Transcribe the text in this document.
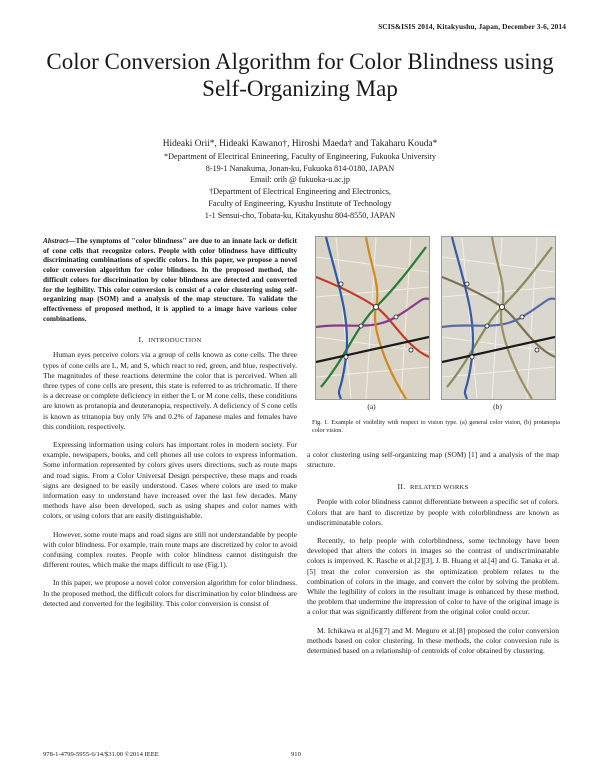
SCIS&ISIS 2014, Kitakyushu, Japan, December 3-6, 2014
Color Conversion Algorithm for Color Blindness using Self-Organizing Map
Hideaki Orii*, Hideaki Kawano†, Hiroshi Maeda† and Takaharu Kouda*
*Department of Electrical Enineering, Faculty of Engineering, Fukuoka University
8-19-1 Nanakuma, Jonan-ku, Fukuoka 814-0180, JAPAN
Email: orih @ fukuoka-u.ac.jp
†Department of Electrical Engineering and Electronics,
Faculty of Engineering, Kyushu Institute of Technology
1-1 Sensui-cho, Tobata-ku, Kitakyushu 804-8550, JAPAN

Abstract—The symptoms of "color blindness" are due to an innate lack or deficit of cone cells that recognize colors. People with color blindness have difficulty discriminating combinations of specific colors. In this paper, we propose a novel color conversion algorithm for color blindness. In the proposed method, the difficult colors for discrimination by color blindness are detected and converted for the legibility. This color conversion is consist of a color clustering using self-organizing map (SOM) and a analysis of the map structure. To validate the effectiveness of proposed method, it is applied to a image have various color combinations.

I. INTRODUCTION

Human eyes perceive colors via a group of cells known as cone cells. The three types of cone cells are L, M, and S, which react to red, green, and blue, respectively. The magnitudes of these reactions determine the color that is perceived. When all three types of cone cells are present, this state is referred to as trichromatic. If there is a decrease or complete deficiency in either the L or M cone cells, these conditions are known as protanopia and deuteranopia, respectively. A deficiency of S cone cells is known as tritanopia buy only 5% and 0.2% of Japanese males and females have this condition, respectively.

Expressing information using colors has important roles in modern society. For example, newspapers, books, and cell phones all use colors to express information. Some information represented by colors gives users directions, such as route maps and road signs. From a Color Universal Design perspective, these maps and roads signs are designed to be easily understood. Cases where colors are used to make information easy to understand have increased over the last few decades. Many methods have also been developed, such as using shapes and color names with colors, or using colors that are easily distinguishable.

However, some route maps and road signs are still not understandable by people with color blindness. For example, train route maps are discretized by color to avoid confusing complex routes. People with color blindness cannot distinguish the different routes, which make the maps difficult to use (Fig.1).

In this paper, we propose a novel color conversion algorithm for color blindness. In the proposed method, the difficult colors for discrimination by color blindness are detected and converted for the legibility. This color conversion is consist of

(a)	(b)
Fig. 1. Example of visibility with respect to vision type. (a) general color vision, (b) protanopia color vision.

a color clustering using self-organizing map (SOM) [1] and a analysis of the map structure.

II. RELATED WORKS

People with color blindness cannot differentiate between a specific set of colors. Colors that are hard to discretize by people with colorblindness are known as undiscriminatable colors.

Recently, to help people with colorblindness, some technology have been developed that alters the colors in images so the contrast of undiscriminatable colors is improved. K. Rasche et al.[2][3], J. B. Huang et al.[4] and G. Tanaka et al.[5] treat the color conversion as the optimization problem relates to the combination of colors in the image, and convert the color by solving the problem. While the legibility of colors in the resultant image is enhanced by these method, the problem that undermine the impression of color to have of the original image is a color that was significantly different from the original color could occur.

M. Ichikawa et al.[6][7] and M. Meguro et al.[8] proposed the color conversion methods based on color clustering. In these methods, the color conversion rule is determined based on a relationship of centroids of color obtained by clustering.

978-1-4799-5955-6/14/$31.00 ©2014 IEEE	910
